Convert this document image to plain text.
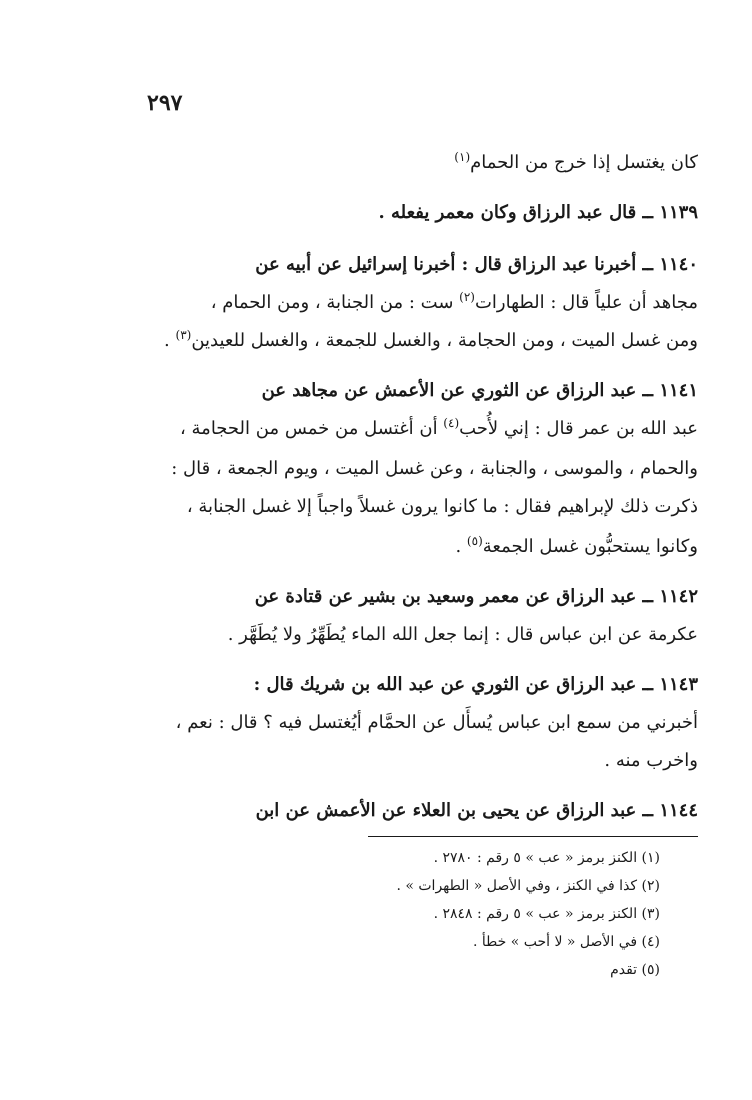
٢٩٧
كان يغتسل إذا خرج من الحمام$^{(١)}$
١١٣٩ ــ قال عبد الرزاق وكان معمر يفعله .
١١٤٠ ــ أخبرنا عبد الرزاق قال : أخبرنا إسرائيل عن أبيه عن
مجاهد أن علياً قال : الطهارات$^{(٢)}$ ست : من الجنابة ، ومن الحمام ،
ومن غسل الميت ، ومن الحجامة ، والغسل للجمعة ، والغسل للعيدين$^{(٣)}$ .
١١٤١ ــ عبد الرزاق عن الثوري عن الأعمش عن مجاهد عن
عبد الله بن عمر قال : إني لأُحب$^{(٤)}$ أن أغتسل من خمس من الحجامة ،
والحمام ، والموسى ، والجنابة ، وعن غسل الميت ، ويوم الجمعة ، قال :
ذكرت ذلك لإبراهيم فقال : ما كانوا يرون غسلاً واجباً إلا غسل الجنابة ،
وكانوا يستحبُّون غسل الجمعة$^{(٥)}$ .
١١٤٢ ــ عبد الرزاق عن معمر وسعيد بن بشير عن قتادة عن
عكرمة عن ابن عباس قال : إنما جعل الله الماء يُطَهِّرُ ولا يُطَهَّر .
١١٤٣ ــ عبد الرزاق عن الثوري عن عبد الله بن شريك قال :
أخبرني من سمع ابن عباس يُسأَل عن الحمَّام أيُغتسل فيه ؟ قال : نعم ،
واخرب منه .
١١٤٤ ــ عبد الرزاق عن يحيى بن العلاء عن الأعمش عن ابن
(١) الكنز برمز « عب » ٥ رقم : ٢٧٨٠ .
(٢) كذا في الكنز ، وفي الأصل « الطهرات » .
(٣) الكنز برمز « عب » ٥ رقم : ٢٨٤٨ .
(٤) في الأصل « لا أحب » خطأ .
(٥) تقدم
